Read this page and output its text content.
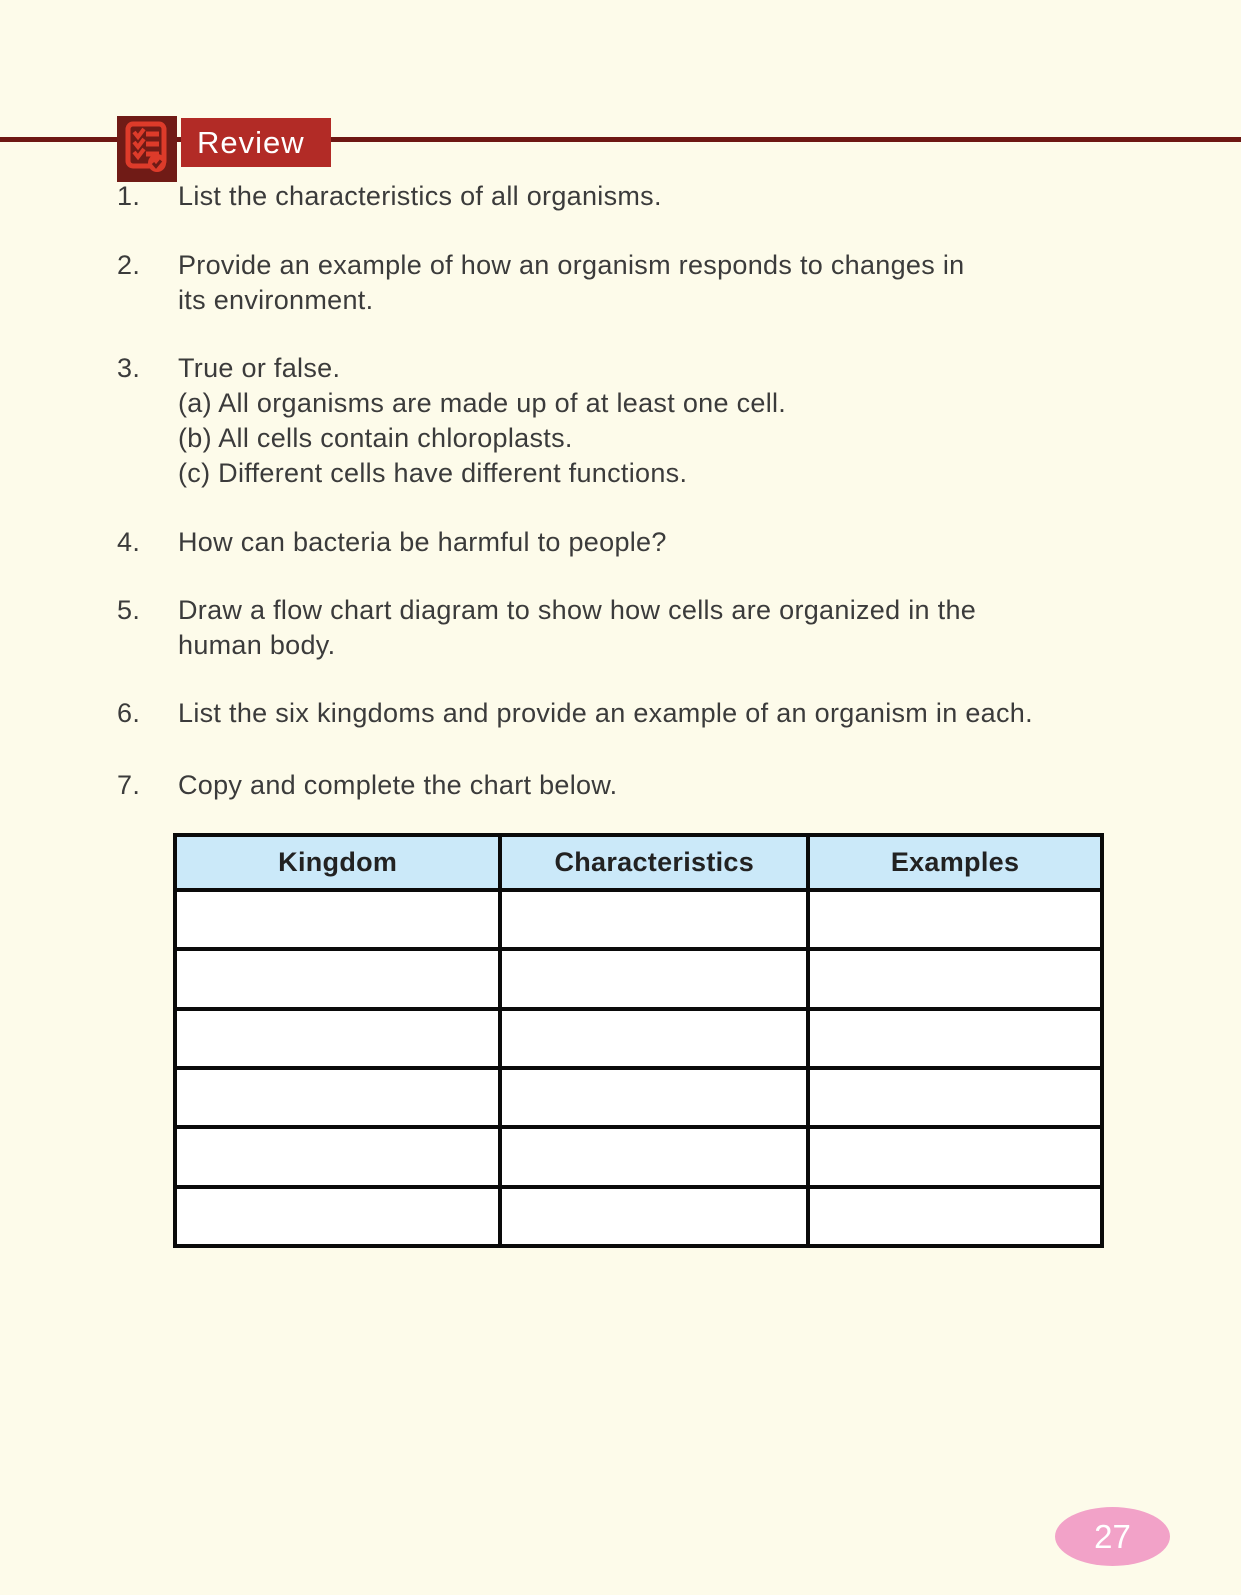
Review
1.	List the characteristics of all organisms.
2.	Provide an example of how an organism responds to changes in
its environment.
3.	True or false.
(a) All organisms are made up of at least one cell.
(b) All cells contain chloroplasts.
(c) Different cells have different functions.
4.	How can bacteria be harmful to people?
5.	Draw a flow chart diagram to show how cells are organized in the
human body.
6.	List the six kingdoms and provide an example of an organism in each.
7.	Copy and complete the chart below.
Kingdom	Characteristics	Examples

27
